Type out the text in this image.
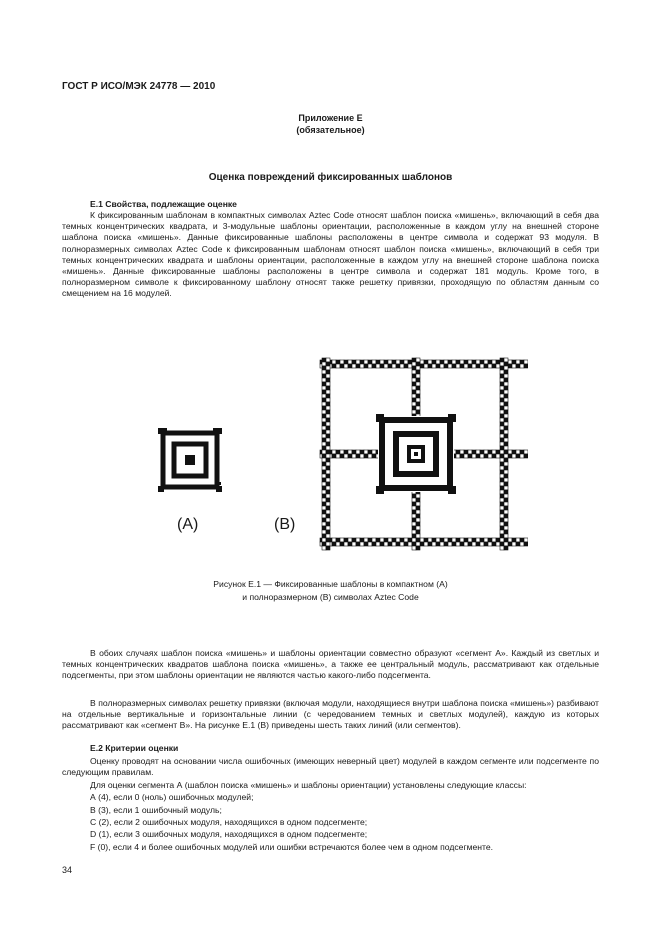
ГОСТ Р ИСО/МЭК 24778 — 2010
Приложение Е
(обязательное)
Оценка повреждений фиксированных шаблонов
Е.1 Свойства, подлежащие оценке
К фиксированным шаблонам в компактных символах Aztec Code относят шаблон поиска «мишень», включающий в себя два темных концентрических квадрата, и 3-модульные шаблоны ориентации, расположенные в каждом углу на внешней стороне шаблона поиска «мишень». Данные фиксированные шаблоны расположены в центре символа и содержат 93 модуля. В полноразмерных символах Aztec Code к фиксированным шаблонам относят шаблон поиска «мишень», включающий в себя три темных концентрических квадрата и шаблоны ориентации, расположенные в каждом углу на внешней стороне шаблона поиска «мишень». Данные фиксированные шаблоны расположены в центре символа и содержат 181 модуль. Кроме того, в полноразмерном символе к фиксированному шаблону относят также решетку привязки, проходящую по областям данным со смещением на 16 модулей.
(А)	(В)
Рисунок Е.1 — Фиксированные шаблоны в компактном (А)
и полноразмерном (В) символах Aztec Code
В обоих случаях шаблон поиска «мишень» и шаблоны ориентации совместно образуют «сегмент А». Каждый из светлых и темных концентрических квадратов шаблона поиска «мишень», а также ее центральный модуль, рассматривают как отдельные подсегменты, при этом шаблоны ориентации не являются частью какого-либо подсегмента.
В полноразмерных символах решетку привязки (включая модули, находящиеся внутри шаблона поиска «мишень») разбивают на отдельные вертикальные и горизонтальные линии (с чередованием темных и светлых модулей), каждую из которых рассматривают как «сегмент В». На рисунке Е.1 (В) приведены шесть таких линий (или сегментов).
Е.2 Критерии оценки
Оценку проводят на основании числа ошибочных (имеющих неверный цвет) модулей в каждом сегменте или подсегменте по следующим правилам.
Для оценки сегмента А (шаблон поиска «мишень» и шаблоны ориентации) установлены следующие классы:
А (4), если 0 (ноль) ошибочных модулей;
В (3), если 1 ошибочный модуль;
С (2), если 2 ошибочных модуля, находящихся в одном подсегменте;
D (1), если 3 ошибочных модуля, находящихся в одном подсегменте;
F (0), если 4 и более ошибочных модулей или ошибки встречаются более чем в одном подсегменте.
34
